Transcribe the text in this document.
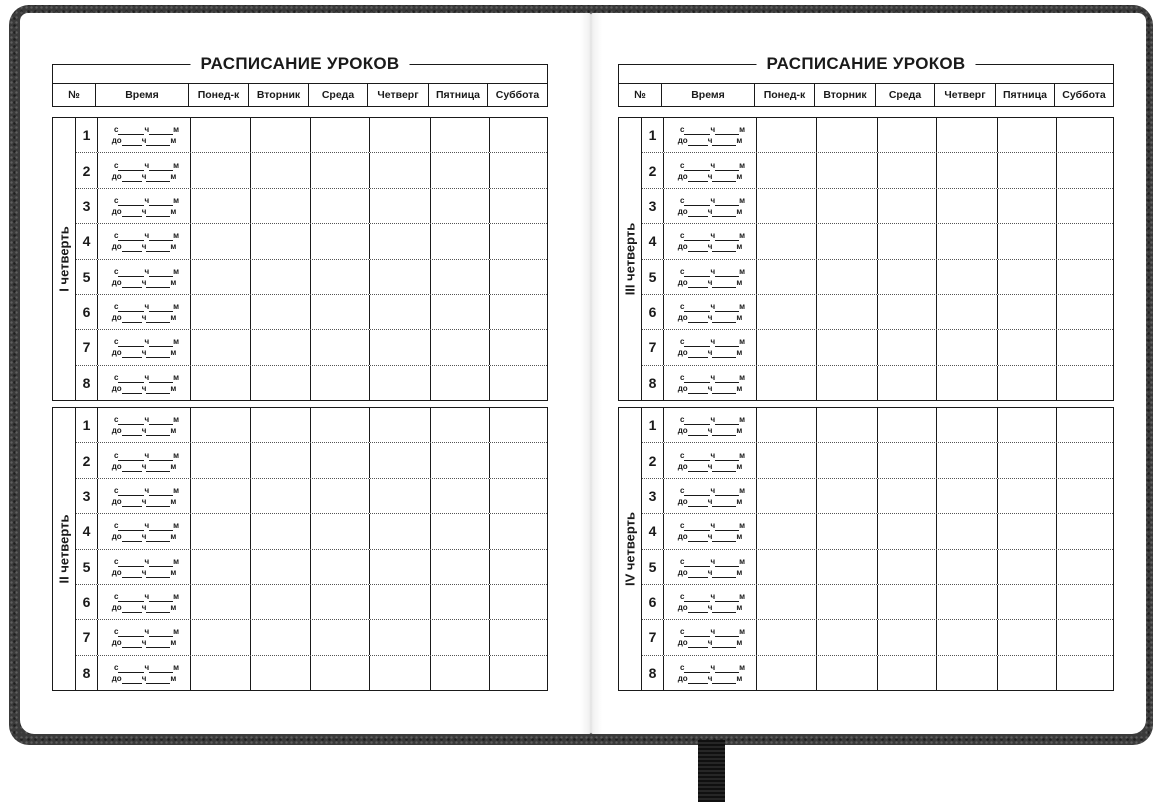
РАСПИСАНИЕ УРОКОВ
№	Время	Понед-к	Вторник	Среда	Четверг	Пятница	Суббота
I четверть
1	с	ч	м
до	ч	м
2	с	ч	м
до	ч	м
3	с	ч	м
до	ч	м
4	с	ч	м
до	ч	м
5	с	ч	м
до	ч	м
6	с	ч	м
до	ч	м
7	с	ч	м
до	ч	м
8	с	ч	м
до	ч	м
II четверть
1	с	ч	м
до	ч	м
2	с	ч	м
до	ч	м
3	с	ч	м
до	ч	м
4	с	ч	м
до	ч	м
5	с	ч	м
до	ч	м
6	с	ч	м
до	ч	м
7	с	ч	м
до	ч	м
8	с	ч	м
до	ч	м
РАСПИСАНИЕ УРОКОВ
№	Время	Понед-к	Вторник	Среда	Четверг	Пятница	Суббота
III четверть
1	с	ч	м
до	ч	м
2	с	ч	м
до	ч	м
3	с	ч	м
до	ч	м
4	с	ч	м
до	ч	м
5	с	ч	м
до	ч	м
6	с	ч	м
до	ч	м
7	с	ч	м
до	ч	м
8	с	ч	м
до	ч	м
IV четверть
1	с	ч	м
до	ч	м
2	с	ч	м
до	ч	м
3	с	ч	м
до	ч	м
4	с	ч	м
до	ч	м
5	с	ч	м
до	ч	м
6	с	ч	м
до	ч	м
7	с	ч	м
до	ч	м
8	с	ч	м
до	ч	м
